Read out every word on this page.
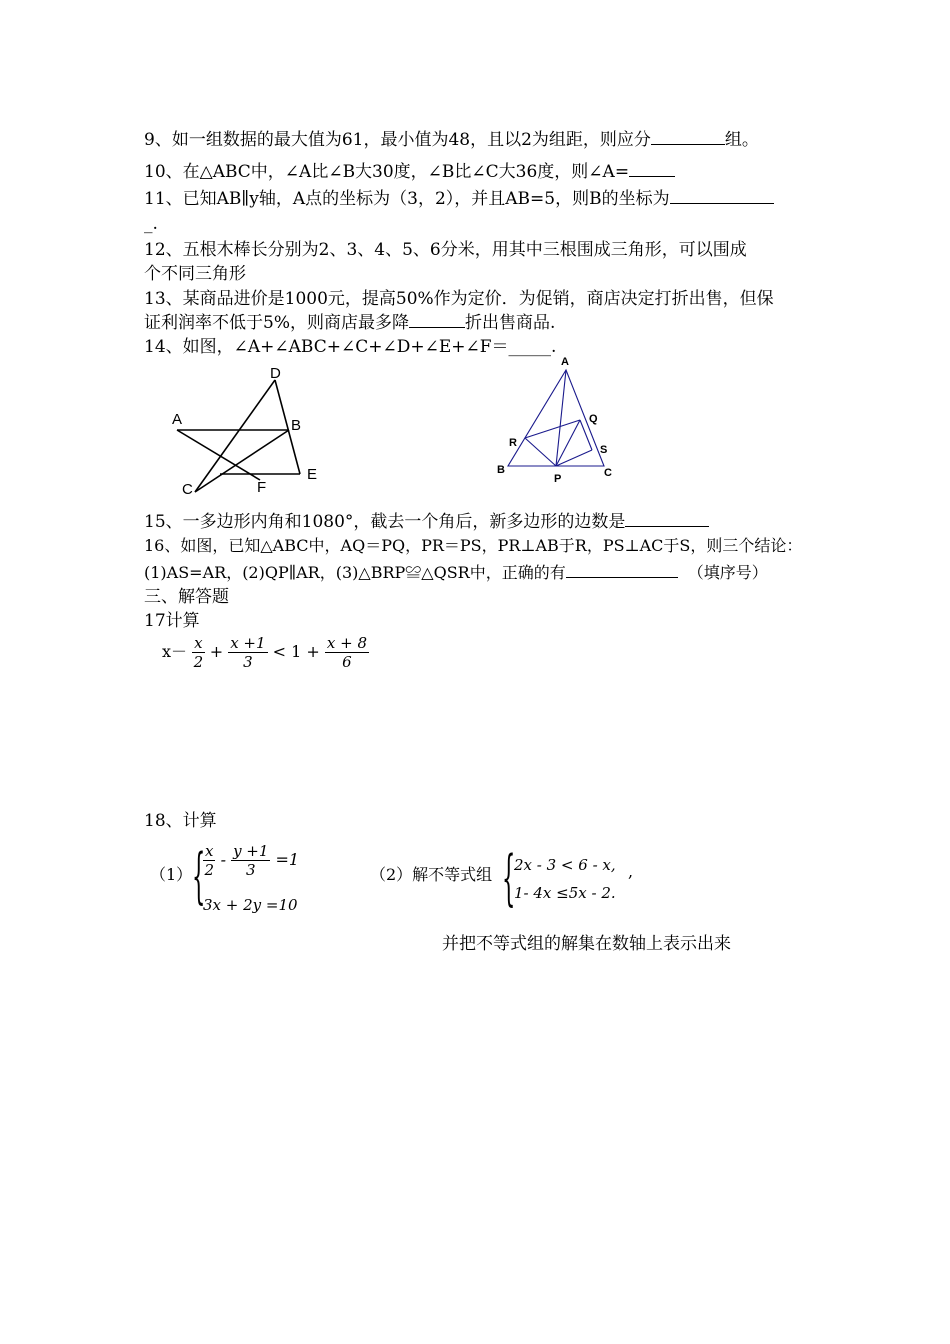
9、如一组数据的最大值为61，最小值为48，且以2为组距，则应分	组。
10、在△ABC中，∠A比∠B大30度，∠B比∠C大36度，则∠A=
11、已知AB∥y轴，A点的坐标为（3，2），并且AB=5，则B的坐标为
_.
12、五根木棒长分别为2、3、4、5、6分米，用其中三根围成三角形，可以围成
个不同三角形
13、某商品进价是1000元，提高50%作为定价．为促销，商店决定打折出售，但保
证利润率不低于5%，则商店最多降	折出售商品.
14、如图，∠A+∠ABC+∠C+∠D+∠E+∠F＝_____.
D
A	B
C	F
E
A
Q
R
S
B
P	C
15、一多边形内角和1080°，截去一个角后，新多边形的边数是
16、如图，已知△ABC中，AQ＝PQ，PR＝PS，PR⊥AB于R，PS⊥AC于S，则三个结论：
(1)AS=AR，(2)QP∥AR，(3)△BRP≌△QSR中，正确的有	（填序号）
三、解答题
17计算
$x- \frac{x}{2} + \frac{x +1}{3} < 1 + \frac{x + 8}{6}$
18、计算
（1） {
$\frac{x}{2} - \frac{y +1}{3} =1$
3x + 2y =10
（2）解不等式组 {
2x - 3 < 6 - x, ,
1- 4x ≤5x - 2.
并把不等式组的解集在数轴上表示出来
